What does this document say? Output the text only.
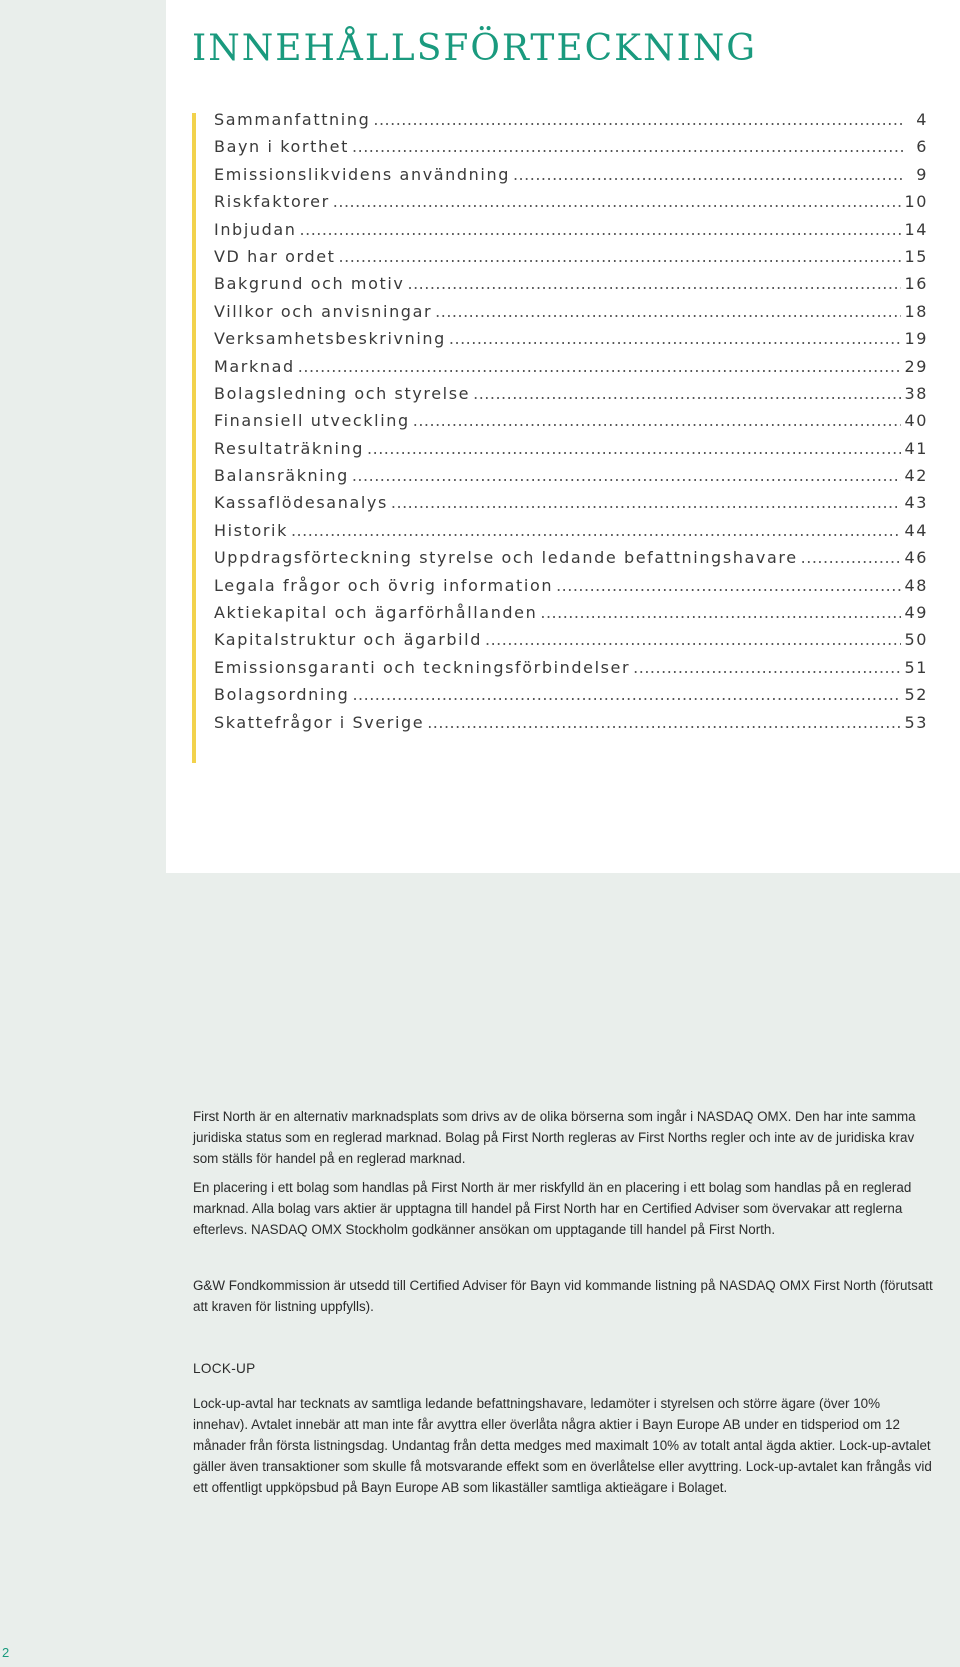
INNEHÅLLSFÖRTECKNING
Sammanfattning .....	4
Bayn i korthet .....	6
Emissionslikvidens användning .....	9
Riskfaktorer .....	10
Inbjudan .....	14
VD har ordet .....	15
Bakgrund och motiv .....	16
Villkor och anvisningar .....	18
Verksamhetsbeskrivning .....	19
Marknad .....	29
Bolagsledning och styrelse .....	38
Finansiell utveckling .....	40
Resultaträkning .....	41
Balansräkning .....	42
Kassaflödesanalys .....	43
Historik .....	44
Uppdragsförteckning styrelse och ledande befattningshavare .....	46
Legala frågor och övrig information .....	48
Aktiekapital och ägarförhållanden .....	49
Kapitalstruktur och ägarbild .....	50
Emissionsgaranti och teckningsförbindelser .....	51
Bolagsordning .....	52
Skattefrågor i Sverige .....	53

First North är en alternativ marknadsplats som drivs av de olika börserna som ingår i NASDAQ OMX. Den har inte samma juridiska status som en reglerad marknad. Bolag på First North regleras av First Norths regler och inte av de juridiska krav som ställs för handel på en reglerad marknad.

En placering i ett bolag som handlas på First North är mer riskfylld än en placering i ett bolag som handlas på en reglerad marknad. Alla bolag vars aktier är upptagna till handel på First North har en Certified Adviser som övervakar att reglerna efterlevs. NASDAQ OMX Stockholm godkänner ansökan om upptagande till handel på First North.

G&W Fondkommission är utsedd till Certified Adviser för Bayn vid kommande listning på NASDAQ OMX First North (förutsatt att kraven för listning uppfylls).

LOCK-UP

Lock-up-avtal har tecknats av samtliga ledande befattningshavare, ledamöter i styrelsen och större ägare (över 10% innehav). Avtalet innebär att man inte får avyttra eller överlåta några aktier i Bayn Europe AB under en tidsperiod om 12 månader från första listningsdag. Undantag från detta medges med maximalt 10% av totalt antal ägda aktier. Lock-up-avtalet gäller även transaktioner som skulle få motsvarande effekt som en överlåtelse eller avyttring. Lock-up-avtalet kan frångås vid ett offentligt uppköpsbud på Bayn Europe AB som likaställer samtliga aktieägare i Bolaget.

2
